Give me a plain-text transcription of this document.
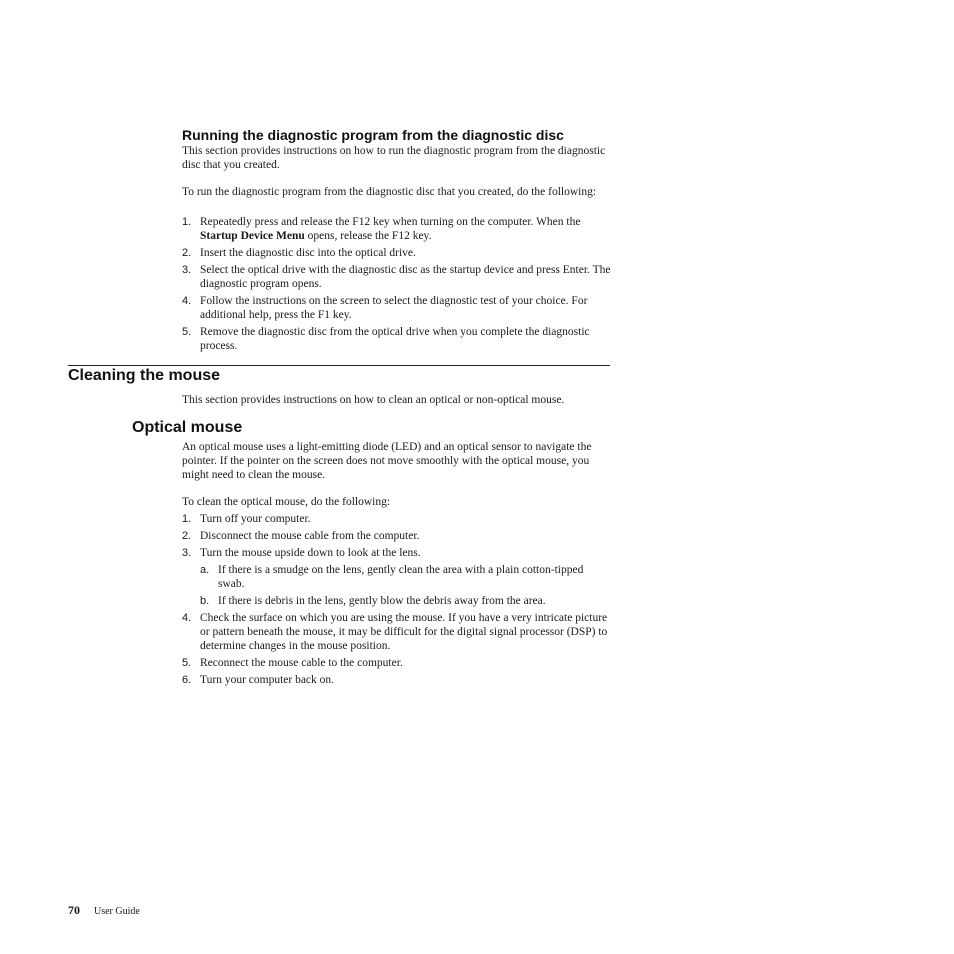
Running the diagnostic program from the diagnostic disc
This section provides instructions on how to run the diagnostic program from the diagnostic disc that you created.
To run the diagnostic program from the diagnostic disc that you created, do the following:
1. Repeatedly press and release the F12 key when turning on the computer. When the Startup Device Menu opens, release the F12 key.
2. Insert the diagnostic disc into the optical drive.
3. Select the optical drive with the diagnostic disc as the startup device and press Enter. The diagnostic program opens.
4. Follow the instructions on the screen to select the diagnostic test of your choice. For additional help, press the F1 key.
5. Remove the diagnostic disc from the optical drive when you complete the diagnostic process.
Cleaning the mouse
This section provides instructions on how to clean an optical or non-optical mouse.
Optical mouse
An optical mouse uses a light-emitting diode (LED) and an optical sensor to navigate the pointer. If the pointer on the screen does not move smoothly with the optical mouse, you might need to clean the mouse.
To clean the optical mouse, do the following:
1. Turn off your computer.
2. Disconnect the mouse cable from the computer.
3. Turn the mouse upside down to look at the lens.
a. If there is a smudge on the lens, gently clean the area with a plain cotton-tipped swab.
b. If there is debris in the lens, gently blow the debris away from the area.
4. Check the surface on which you are using the mouse. If you have a very intricate picture or pattern beneath the mouse, it may be difficult for the digital signal processor (DSP) to determine changes in the mouse position.
5. Reconnect the mouse cable to the computer.
6. Turn your computer back on.
70 User Guide
